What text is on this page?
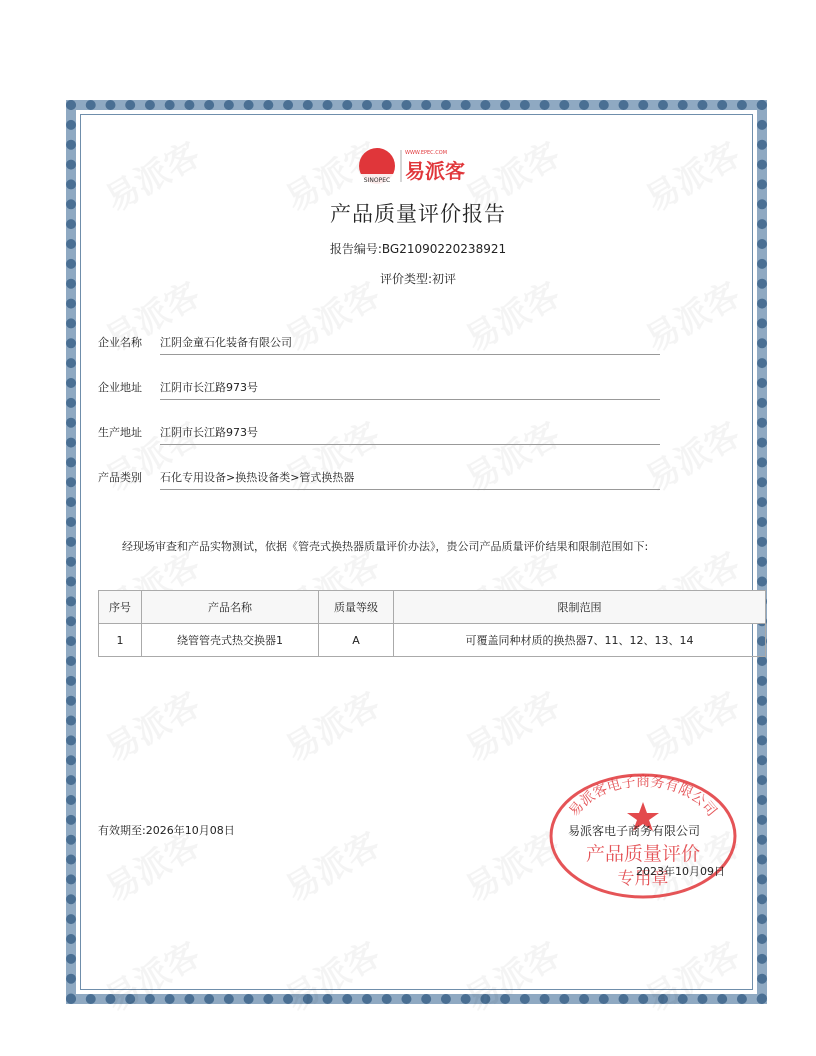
SINOPEC
WWW.EPEC.COM
易派客
产品质量评价报告
报告编号:BG21090220238921
评价类型:初评
企业名称 江阴金童石化装备有限公司
企业地址 江阴市长江路973号
生产地址 江阴市长江路973号
产品类别 石化专用设备>换热设备类>管式换热器
经现场审查和产品实物测试，依据《管壳式换热器质量评价办法》，贵公司产品质量评价结果和限制范围如下:
序号	产品名称	质量等级	限制范围
1	绕管管壳式热交换器1	A	可覆盖同种材质的换热器7、11、12、13、14
有效期至:2026年10月08日
易派客电子商务有限公司
产品质量评价
专用章
易派客电子商务有限公司
2023年10月09日
